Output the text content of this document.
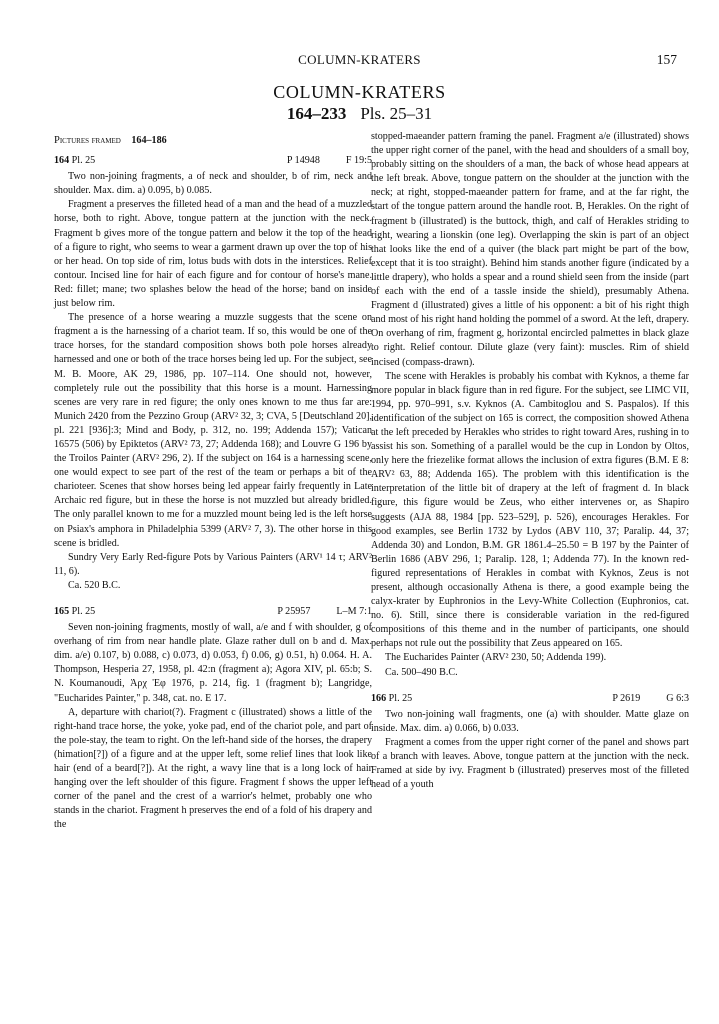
COLUMN-KRATERS	157
COLUMN-KRATERS
164–233 Pls. 25–31
Pictures framed 164–186
164 Pl. 25	P 14948	F 19:5

Two non-joining fragments, a of neck and shoulder, b of rim, neck and shoulder. Max. dim. a) 0.095, b) 0.085.

Fragment a preserves the filleted head of a man and the head of a muzzled horse, both to right. Above, tongue pattern at the junction with the neck. Fragment b gives more of the tongue pattern and below it the top of the head of a figure to right, who seems to wear a garment drawn up over the top of his or her head. On top side of rim, lotus buds with dots in the interstices. Relief contour. Incised line for hair of each figure and for contour of horse's mane. Red: fillet; mane; two splashes below the head of the horse; band on inside just below rim.

The presence of a horse wearing a muzzle suggests that the scene on fragment a is the harnessing of a chariot team. If so, this would be one of the trace horses, for the standard composition shows both pole horses already harnessed and one or both of the trace horses being led up. For the subject, see M. B. Moore, AK 29, 1986, pp. 107–114. One should not, however, completely rule out the possibility that this horse is a mount. Harnessing scenes are very rare in red figure; the only ones known to me thus far are: Munich 2420 from the Pezzino Group (ARV² 32, 3; CVA, 5 [Deutschland 20], pl. 221 [936]:3; Mind and Body, p. 312, no. 199; Addenda 157); Vatican 16575 (506) by Epiktetos (ARV² 73, 27; Addenda 168); and Louvre G 196 by the Troilos Painter (ARV² 296, 2). If the subject on 164 is a harnessing scene, one would expect to see part of the rest of the team or perhaps a bit of the charioteer. Scenes that show horses being led appear fairly frequently in Late Archaic red figure, but in these the horse is not muzzled but already bridled. The only parallel known to me for a muzzled mount being led is the left horse on Psiax's amphora in Philadelphia 5399 (ARV² 7, 3). The other horse in this scene is bridled.

Sundry Very Early Red-figure Pots by Various Painters (ARV¹ 14 τ; ARV² 11, 6).

Ca. 520 B.C.

165 Pl. 25	P 25957	L–M 7:1

Seven non-joining fragments, mostly of wall, a/e and f with shoulder, g of overhang of rim from near handle plate. Glaze rather dull on b and d. Max. dim. a/e) 0.107, b) 0.088, c) 0.073, d) 0.053, f) 0.06, g) 0.51, h) 0.064. H. A. Thompson, Hesperia 27, 1958, pl. 42:n (fragment a); Agora XIV, pl. 65:b; S. N. Koumanoudi, Ἀρχ Ἐφ 1976, p. 214, fig. 1 (fragment b); Langridge, "Eucharides Painter," p. 348, cat. no. E 17.

A, departure with chariot(?). Fragment c (illustrated) shows a little of the right-hand trace horse, the yoke, yoke pad, end of the chariot pole, and part of the pole-stay, the team to right. On the left-hand side of the horses, the drapery (himation[?]) of a figure and at the upper left, some relief lines that look like hair (end of a beard[?]). At the right, a wavy line that is a long lock of hair hanging over the left shoulder of this figure. Fragment f shows the upper left corner of the panel and the crest of a warrior's helmet, probably one who stands in the chariot. Fragment h preserves the end of a fold of his drapery and the

stopped-maeander pattern framing the panel. Fragment a/e (illustrated) shows the upper right corner of the panel, with the head and shoulders of a small boy, probably sitting on the shoulders of a man, the back of whose head appears at the left break. Above, tongue pattern on the shoulder at the junction with the neck; at right, stopped-maeander pattern for frame, and at the far right, the start of the tongue pattern around the handle root. B, Herakles. On the right of fragment b (illustrated) is the buttock, thigh, and calf of Herakles striding to right, wearing a lionskin (one leg). Overlapping the skin is part of an object that looks like the end of a quiver (the black part might be part of the bow, except that it is too straight). Behind him stands another figure (indicated by a little drapery), who holds a spear and a round shield seen from the inside (part of each with the end of a tassle inside the shield), presumably Athena. Fragment d (illustrated) gives a little of his opponent: a bit of his right thigh and most of his right hand holding the pommel of a sword. At the left, drapery. On overhang of rim, fragment g, horizontal encircled palmettes in black glaze to right. Relief contour. Dilute glaze (very faint): muscles. Rim of shield incised (compass-drawn).

The scene with Herakles is probably his combat with Kyknos, a theme far more popular in black figure than in red figure. For the subject, see LIMC VII, 1994, pp. 970–991, s.v. Kyknos (A. Cambitoglou and S. Paspalos). If this identification of the subject on 165 is correct, the composition showed Athena at the left preceded by Herakles who strides to right toward Ares, rushing in to assist his son. Something of a parallel would be the cup in London by Oltos, only here the friezelike format allows the inclusion of extra figures (B.M. E 8: ARV² 63, 88; Addenda 165). The problem with this identification is the interpretation of the little bit of drapery at the left of fragment d. In black figure, this figure would be Zeus, who either intervenes or, as Shapiro suggests (AJA 88, 1984 [pp. 523–529], p. 526), encourages Herakles. For good examples, see Berlin 1732 by Lydos (ABV 110, 37; Paralip. 44, 37; Addenda 30) and London, B.M. GR 1861.4–25.50 = B 197 by the Painter of Berlin 1686 (ABV 296, 1; Paralip. 128, 1; Addenda 77). In the known red-figured representations of Herakles in combat with Kyknos, Zeus is not present, although occasionally Athena is there, a good example being the calyx-krater by Euphronios in the Levy-White Collection (Euphronios, cat. no. 6). Still, since there is considerable variation in the red-figured compositions of this theme and in the number of participants, one should perhaps not rule out the possibility that Zeus appeared on 165.

The Eucharides Painter (ARV² 230, 50; Addenda 199).

Ca. 500–490 B.C.

166 Pl. 25	P 2619	G 6:3

Two non-joining wall fragments, one (a) with shoulder. Matte glaze on inside. Max. dim. a) 0.066, b) 0.033.

Fragment a comes from the upper right corner of the panel and shows part of a branch with leaves. Above, tongue pattern at the junction with the neck. Framed at side by ivy. Fragment b (illustrated) preserves most of the filleted head of a youth
